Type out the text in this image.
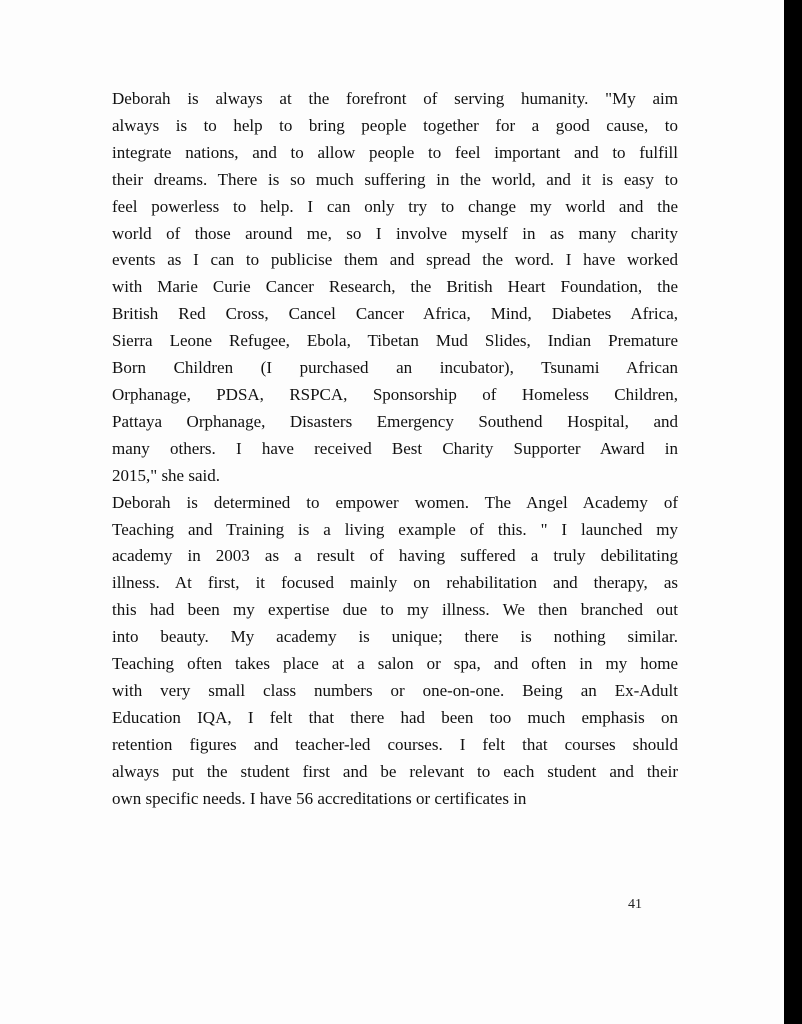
Deborah is always at the forefront of serving humanity. "My aim
always is to help to bring people together for a good cause, to
integrate nations, and to allow people to feel important and to fulfill
their dreams. There is so much suffering in the world, and it is easy to
feel powerless to help. I can only try to change my world and the
world of those around me, so I involve myself in as many charity
events as I can to publicise them and spread the word. I have worked
with Marie Curie Cancer Research, the British Heart Foundation, the
British Red Cross, Cancel Cancer Africa, Mind, Diabetes Africa,
Sierra Leone Refugee, Ebola, Tibetan Mud Slides, Indian Premature
Born Children (I purchased an incubator), Tsunami African
Orphanage, PDSA, RSPCA, Sponsorship of Homeless Children,
Pattaya Orphanage, Disasters Emergency Southend Hospital, and
many others. I have received Best Charity Supporter Award in
2015," she said.

Deborah is determined to empower women. The Angel Academy of
Teaching and Training is a living example of this. " I launched my
academy in 2003 as a result of having suffered a truly debilitating
illness. At first, it focused mainly on rehabilitation and therapy, as
this had been my expertise due to my illness. We then branched out
into beauty. My academy is unique; there is nothing similar.
Teaching often takes place at a salon or spa, and often in my home
with very small class numbers or one-on-one. Being an Ex-Adult
Education IQA, I felt that there had been too much emphasis on
retention figures and teacher-led courses. I felt that courses should
always put the student first and be relevant to each student and their
own specific needs. I have 56 accreditations or certificates in

41
